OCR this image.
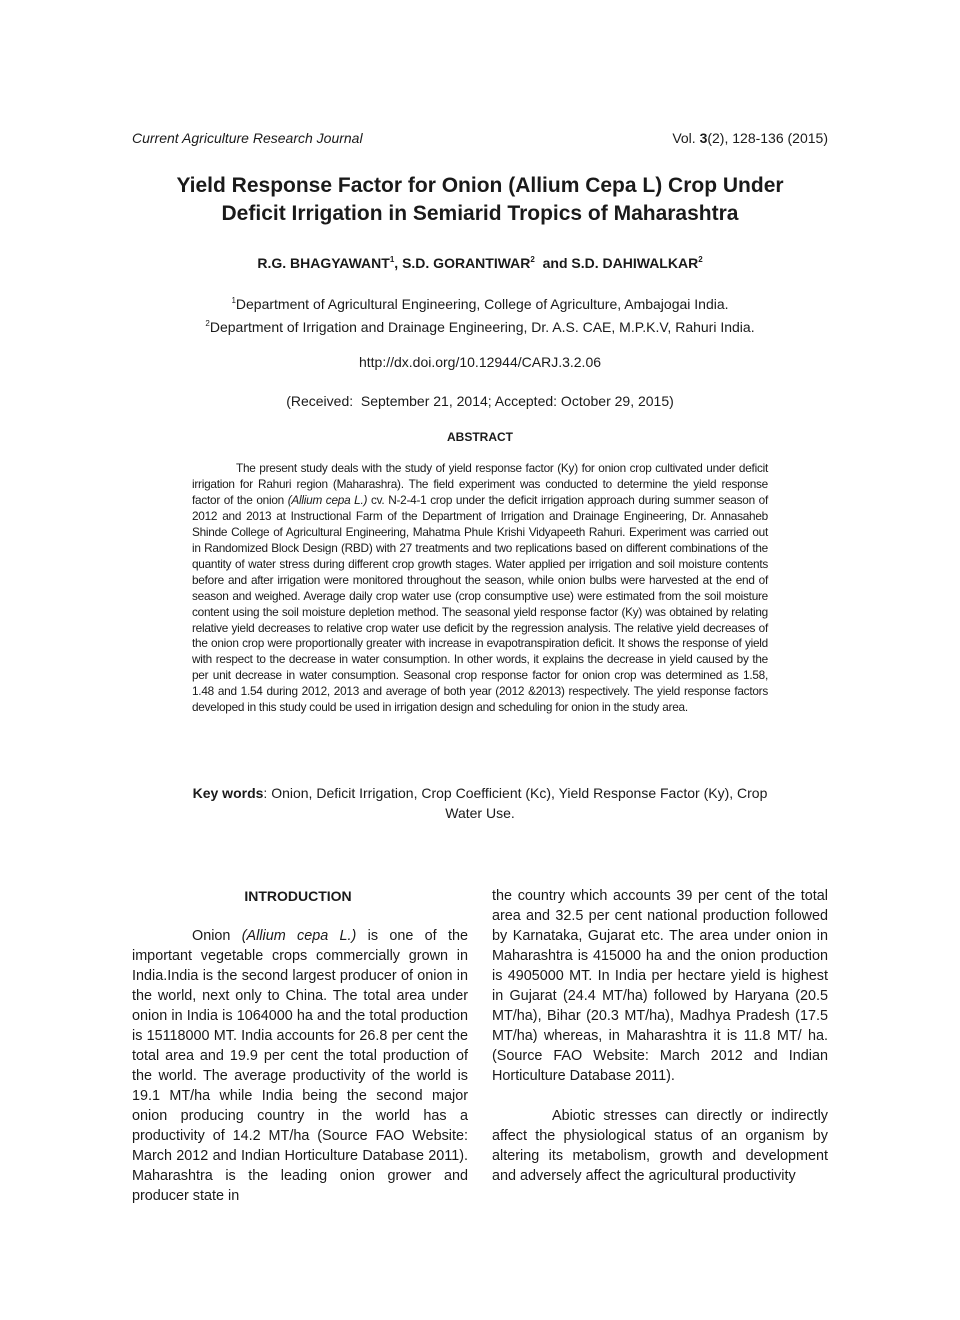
Current Agriculture Research Journal	Vol. 3(2), 128-136 (2015)
Yield Response Factor for Onion (Allium Cepa L) Crop Under
Deficit Irrigation in Semiarid Tropics of Maharashtra
R.G. BHAGYAWANT$^1$, S.D. GORANTIWAR$^2$  and S.D. DAHIWALKAR$^2$
$^1$Department of Agricultural Engineering, College of Agriculture, Ambajogai India.
$^2$Department of Irrigation and Drainage Engineering, Dr. A.S. CAE, M.P.K.V, Rahuri India.
http://dx.doi.org/10.12944/CARJ.3.2.06
(Received:  September 21, 2014; Accepted: October 29, 2015)
ABSTRACT
The present study deals with the study of yield response factor (Ky) for onion crop cultivated under deficit irrigation for Rahuri region (Maharashra). The field experiment was conducted to determine the yield response factor of the onion (Allium cepa L.) cv. N-2-4-1 crop under the deficit irrigation approach during summer season of 2012 and 2013 at Instructional Farm of the Department of Irrigation and Drainage Engineering, Dr. Annasaheb Shinde College of Agricultural Engineering, Mahatma Phule Krishi Vidyapeeth Rahuri. Experiment was carried out in Randomized Block Design (RBD) with 27 treatments and two replications based on different combinations of the quantity of water stress during different crop growth stages. Water applied per irrigation and soil moisture contents before and after irrigation were monitored throughout the season, while onion bulbs were harvested at the end of season and weighed. Average daily crop water use (crop consumptive use) were estimated from the soil moisture content using the soil moisture depletion method. The seasonal yield response factor (Ky) was obtained by relating relative yield decreases to relative crop water use deficit by the regression analysis. The relative yield decreases of the onion crop were proportionally greater with increase in evapotranspiration deficit. It shows the response of yield with respect to the decrease in water consumption. In other words, it explains the decrease in yield caused by the per unit decrease in water consumption. Seasonal crop response factor for onion crop was determined as 1.58, 1.48 and 1.54 during 2012, 2013 and average of both year (2012 &2013) respectively. The yield response factors developed in this study could be used in irrigation design and scheduling for onion in the study area.
Key words: Onion, Deficit Irrigation, Crop Coefficient (Kc), Yield Response Factor (Ky), Crop Water Use.
INTRODUCTION

Onion (Allium cepa L.) is one of the important vegetable crops commercially grown in India.India is the second largest producer of onion in the world, next only to China. The total area under onion in India is 1064000 ha and the total production is 15118000 MT. India accounts for 26.8 per cent the total area and 19.9 per cent the total production of the world. The average productivity of the world is 19.1 MT/ha while India being the second major onion producing country in the world has a productivity of 14.2 MT/ha (Source FAO Website: March 2012 and Indian Horticulture Database 2011). Maharashtra is the leading onion grower and producer state in

the country which accounts 39 per cent of the total area and 32.5 per cent national production followed by Karnataka, Gujarat etc. The area under onion in Maharashtra is 415000 ha and the onion production is 4905000 MT. In India per hectare yield is highest in Gujarat (24.4 MT/ha) followed by Haryana (20.5 MT/ha), Bihar (20.3 MT/ha), Madhya Pradesh (17.5 MT/ha) whereas, in Maharashtra it is 11.8 MT/ ha. (Source FAO Website: March 2012 and Indian Horticulture Database 2011).

Abiotic stresses can directly or indirectly affect the physiological status of an organism by altering its metabolism, growth and development and adversely affect the agricultural productivity
